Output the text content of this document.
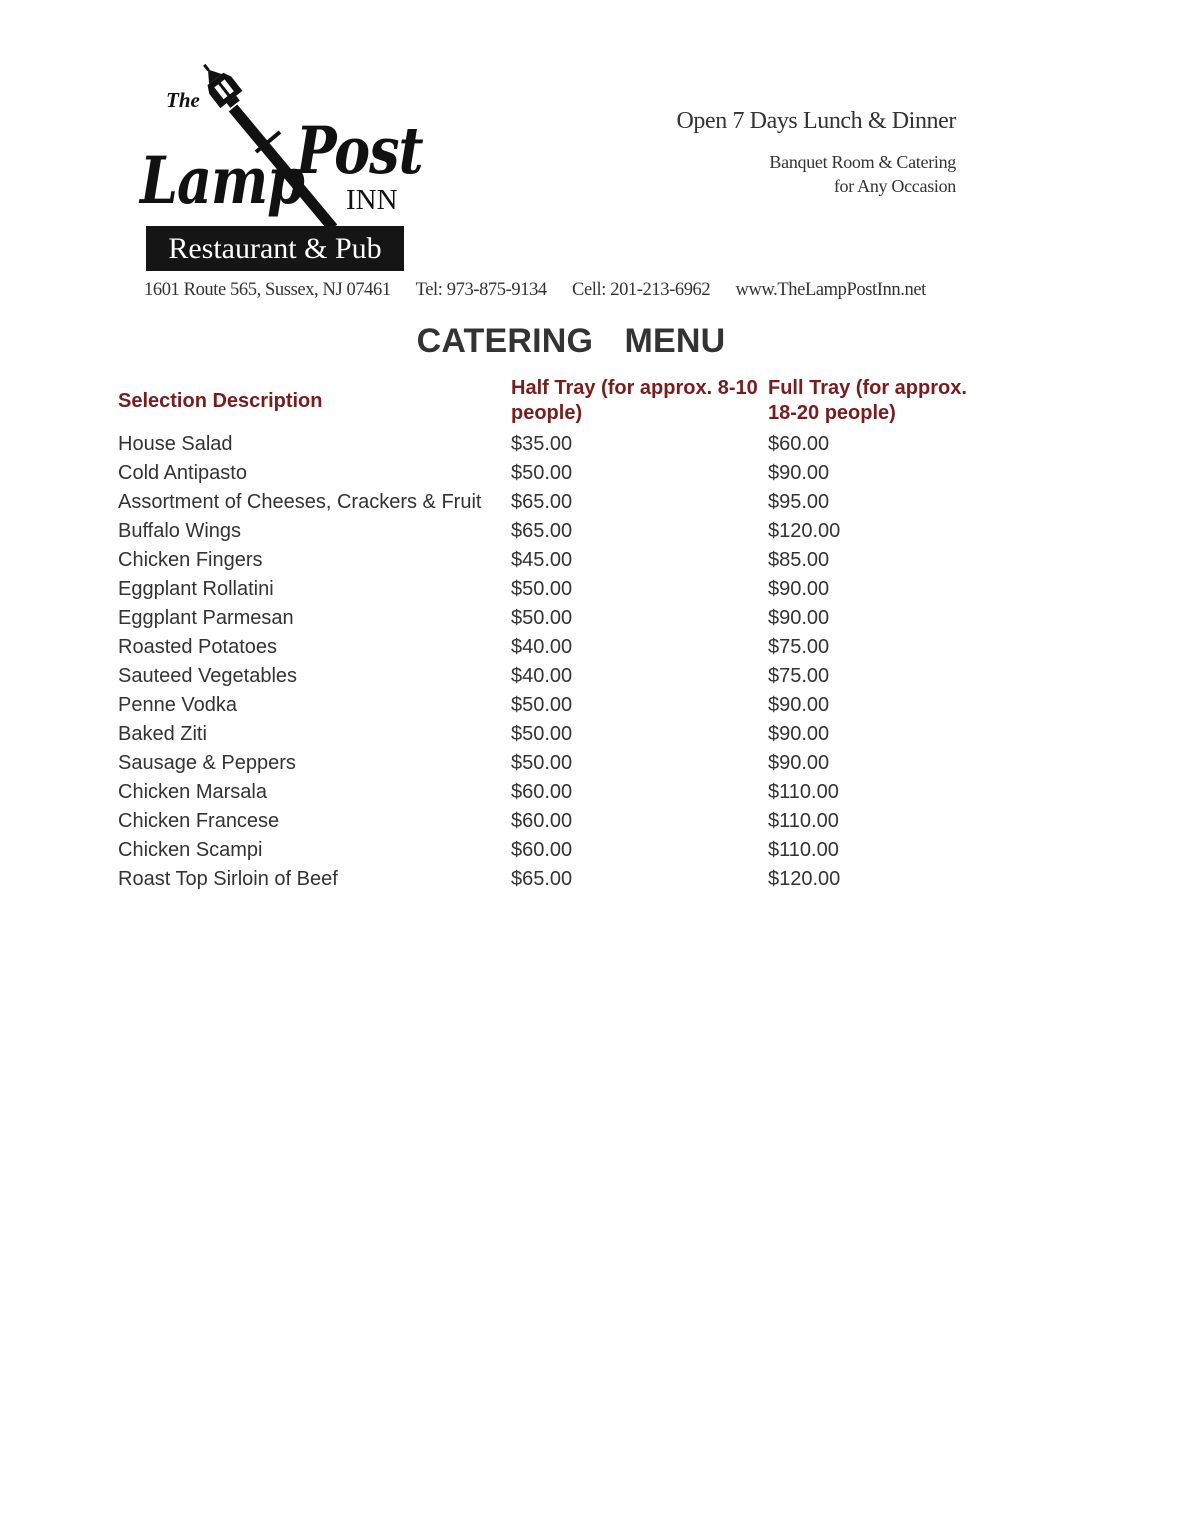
The
Lamp
Post
INN
Restaurant & Pub
Open 7 Days Lunch & Dinner
Banquet Room & Catering
for Any Occasion
1601 Route 565, Sussex, NJ 07461 Tel: 973-875-9134 Cell: 201-213-6962 www.TheLampPostInn.net
CATERING  MENU
Selection Description	Half Tray (for approx. 8-10 people)	Full Tray (for approx. 18-20 people)
House Salad	$35.00	$60.00
Cold Antipasto	$50.00	$90.00
Assortment of Cheeses, Crackers & Fruit	$65.00	$95.00
Buffalo Wings	$65.00	$120.00
Chicken Fingers	$45.00	$85.00
Eggplant Rollatini	$50.00	$90.00
Eggplant Parmesan	$50.00	$90.00
Roasted Potatoes	$40.00	$75.00
Sauteed Vegetables	$40.00	$75.00
Penne Vodka	$50.00	$90.00
Baked Ziti	$50.00	$90.00
Sausage & Peppers	$50.00	$90.00
Chicken Marsala	$60.00	$110.00
Chicken Francese	$60.00	$110.00
Chicken Scampi	$60.00	$110.00
Roast Top Sirloin of Beef	$65.00	$120.00
